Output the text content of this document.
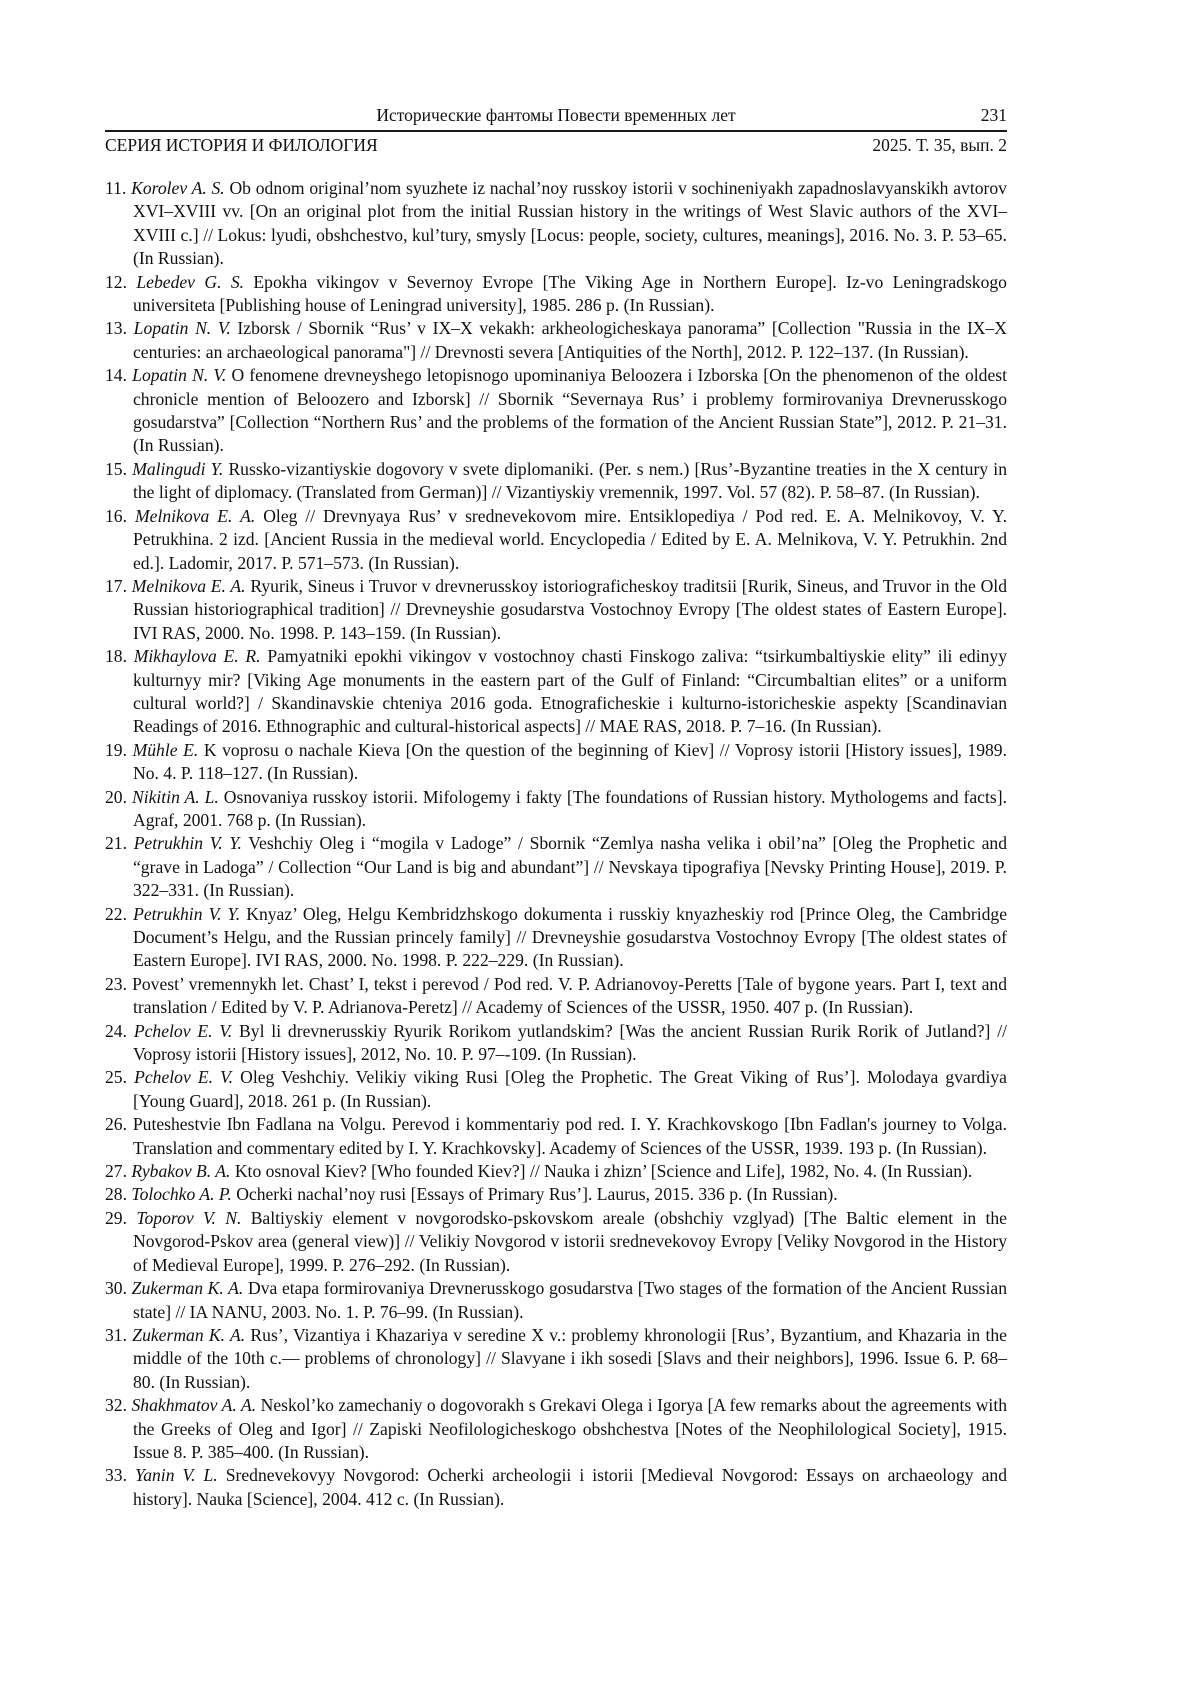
Исторические фантомы Повести временных лет	231
СЕРИЯ ИСТОРИЯ И ФИЛОЛОГИЯ	2025. Т. 35, вып. 2

11. Korolev A. S. Ob odnom original’nom syuzhete iz nachal’noy russkoy istorii v sochineniyakh zapadnoslavyanskikh avtorov XVI–XVIII vv. [On an original plot from the initial Russian history in the writings of West Slavic authors of the XVI–XVIII c.] // Lokus: lyudi, obshchestvo, kul’tury, smysly [Locus: people, society, cultures, meanings], 2016. No. 3. P. 53–65. (In Russian).

12. Lebedev G. S. Epokha vikingov v Severnoy Evrope [The Viking Age in Northern Europe]. Iz-vo Leningradskogo universiteta [Publishing house of Leningrad university], 1985. 286 p. (In Russian).

13. Lopatin N. V. Izborsk / Sbornik “Rus’ v IX–X vekakh: arkheologicheskaya panorama” [Collection "Russia in the IX–X centuries: an archaeological panorama"] // Drevnosti severa [Antiquities of the North], 2012. P. 122–137. (In Russian).

14. Lopatin N. V. O fenomene drevneyshego letopisnogo upominaniya Beloozera i Izborska [On the phenomenon of the oldest chronicle mention of Beloozero and Izborsk] // Sbornik “Severnaya Rus’ i problemy formirovaniya Drevnerusskogo gosudarstva” [Collection “Northern Rus’ and the problems of the formation of the Ancient Russian State”], 2012. P. 21–31. (In Russian).

15. Malingudi Y. Russko-vizantiyskie dogovory v svete diplomaniki. (Per. s nem.) [Rus’-Byzantine treaties in the X century in the light of diplomacy. (Translated from German)] // Vizantiyskiy vremennik, 1997. Vol. 57 (82). P. 58–87. (In Russian).

16. Melnikova E. A. Oleg // Drevnyaya Rus’ v srednevekovom mire. Entsiklopediya / Pod red. E. A. Melnikovoy, V. Y. Petrukhina. 2 izd. [Ancient Russia in the medieval world. Encyclopedia / Edited by E. A. Melnikova, V. Y. Petrukhin. 2nd ed.]. Ladomir, 2017. P. 571–573. (In Russian).

17. Melnikova E. A. Ryurik, Sineus i Truvor v drevnerusskoy istoriograficheskoy traditsii [Rurik, Sineus, and Truvor in the Old Russian historiographical tradition] // Drevneyshie gosudarstva Vostochnoy Evropy [The oldest states of Eastern Europe]. IVI RAS, 2000. No. 1998. P. 143–159. (In Russian).

18. Mikhaylova E. R. Pamyatniki epokhi vikingov v vostochnoy chasti Finskogo zaliva: “tsirkumbaltiyskie elity” ili edinyy kulturnyy mir? [Viking Age monuments in the eastern part of the Gulf of Finland: “Circumbaltian elites” or a uniform cultural world?] / Skandinavskie chteniya 2016 goda. Etnograficheskie i kulturno-istoricheskie aspekty [Scandinavian Readings of 2016. Ethnographic and cultural-historical aspects] // MAE RAS, 2018. P. 7–16. (In Russian).

19. Mühle E. K voprosu o nachale Kieva [On the question of the beginning of Kiev] // Voprosy istorii [History issues], 1989. No. 4. P. 118–127. (In Russian).

20. Nikitin A. L. Osnovaniya russkoy istorii. Mifologemy i fakty [The foundations of Russian history. Mythologems and facts]. Agraf, 2001. 768 p. (In Russian).

21. Petrukhin V. Y. Veshchiy Oleg i “mogila v Ladoge” / Sbornik “Zemlya nasha velika i obil’na” [Oleg the Prophetic and “grave in Ladoga” / Collection “Our Land is big and abundant”] // Nevskaya tipografiya [Nevsky Printing House], 2019. P. 322–331. (In Russian).

22. Petrukhin V. Y. Knyaz’ Oleg, Helgu Kembridzhskogo dokumenta i russkiy knyazheskiy rod [Prince Oleg, the Cambridge Document’s Helgu, and the Russian princely family] // Drevneyshie gosudarstva Vostochnoy Evropy [The oldest states of Eastern Europe]. IVI RAS, 2000. No. 1998. P. 222–229. (In Russian).

23. Povest’ vremennykh let. Chast’ I, tekst i perevod / Pod red. V. P. Adrianovoy-Peretts [Tale of bygone years. Part I, text and translation / Edited by V. P. Adrianova-Peretz] // Academy of Sciences of the USSR, 1950. 407 p. (In Russian).

24. Pchelov E. V. Byl li drevnerusskiy Ryurik Rorikom yutlandskim? [Was the ancient Russian Rurik Rorik of Jutland?] // Voprosy istorii [History issues], 2012, No. 10. P. 97–-109. (In Russian).

25. Pchelov E. V. Oleg Veshchiy. Velikiy viking Rusi [Oleg the Prophetic. The Great Viking of Rus’]. Molodaya gvardiya [Young Guard], 2018. 261 p. (In Russian).

26. Puteshestvie Ibn Fadlana na Volgu. Perevod i kommentariy pod red. I. Y. Krachkovskogo [Ibn Fadlan's journey to Volga. Translation and commentary edited by I. Y. Krachkovsky]. Academy of Sciences of the USSR, 1939. 193 p. (In Russian).

27. Rybakov B. A. Kto osnoval Kiev? [Who founded Kiev?] // Nauka i zhizn’ [Science and Life], 1982, No. 4. (In Russian).

28. Tolochko A. P. Ocherki nachal’noy rusi [Essays of Primary Rus’]. Laurus, 2015. 336 p. (In Russian).

29. Toporov V. N. Baltiyskiy element v novgorodsko-pskovskom areale (obshchiy vzglyad) [The Baltic element in the Novgorod-Pskov area (general view)] // Velikiy Novgorod v istorii srednevekovoy Evropy [Veliky Novgorod in the History of Medieval Europe], 1999. P. 276–292. (In Russian).

30. Zukerman K. A. Dva etapa formirovaniya Drevnerusskogo gosudarstva [Two stages of the formation of the Ancient Russian state] // IA NANU, 2003. No. 1. P. 76–99. (In Russian).

31. Zukerman K. A. Rus’, Vizantiya i Khazariya v seredine X v.: problemy khronologii [Rus’, Byzantium, and Khazaria in the middle of the 10th c.— problems of chronology] // Slavyane i ikh sosedi [Slavs and their neighbors], 1996. Issue 6. P. 68–80. (In Russian).

32. Shakhmatov A. A. Neskol’ko zamechaniy o dogovorakh s Grekavi Olega i Igorya [A few remarks about the agreements with the Greeks of Oleg and Igor] // Zapiski Neofilologicheskogo obshchestva [Notes of the Neophilological Society], 1915. Issue 8. P. 385–400. (In Russian).

33. Yanin V. L. Srednevekovyy Novgorod: Ocherki archeologii i istorii [Medieval Novgorod: Essays on archaeology and history]. Nauka [Science], 2004. 412 c. (In Russian).
